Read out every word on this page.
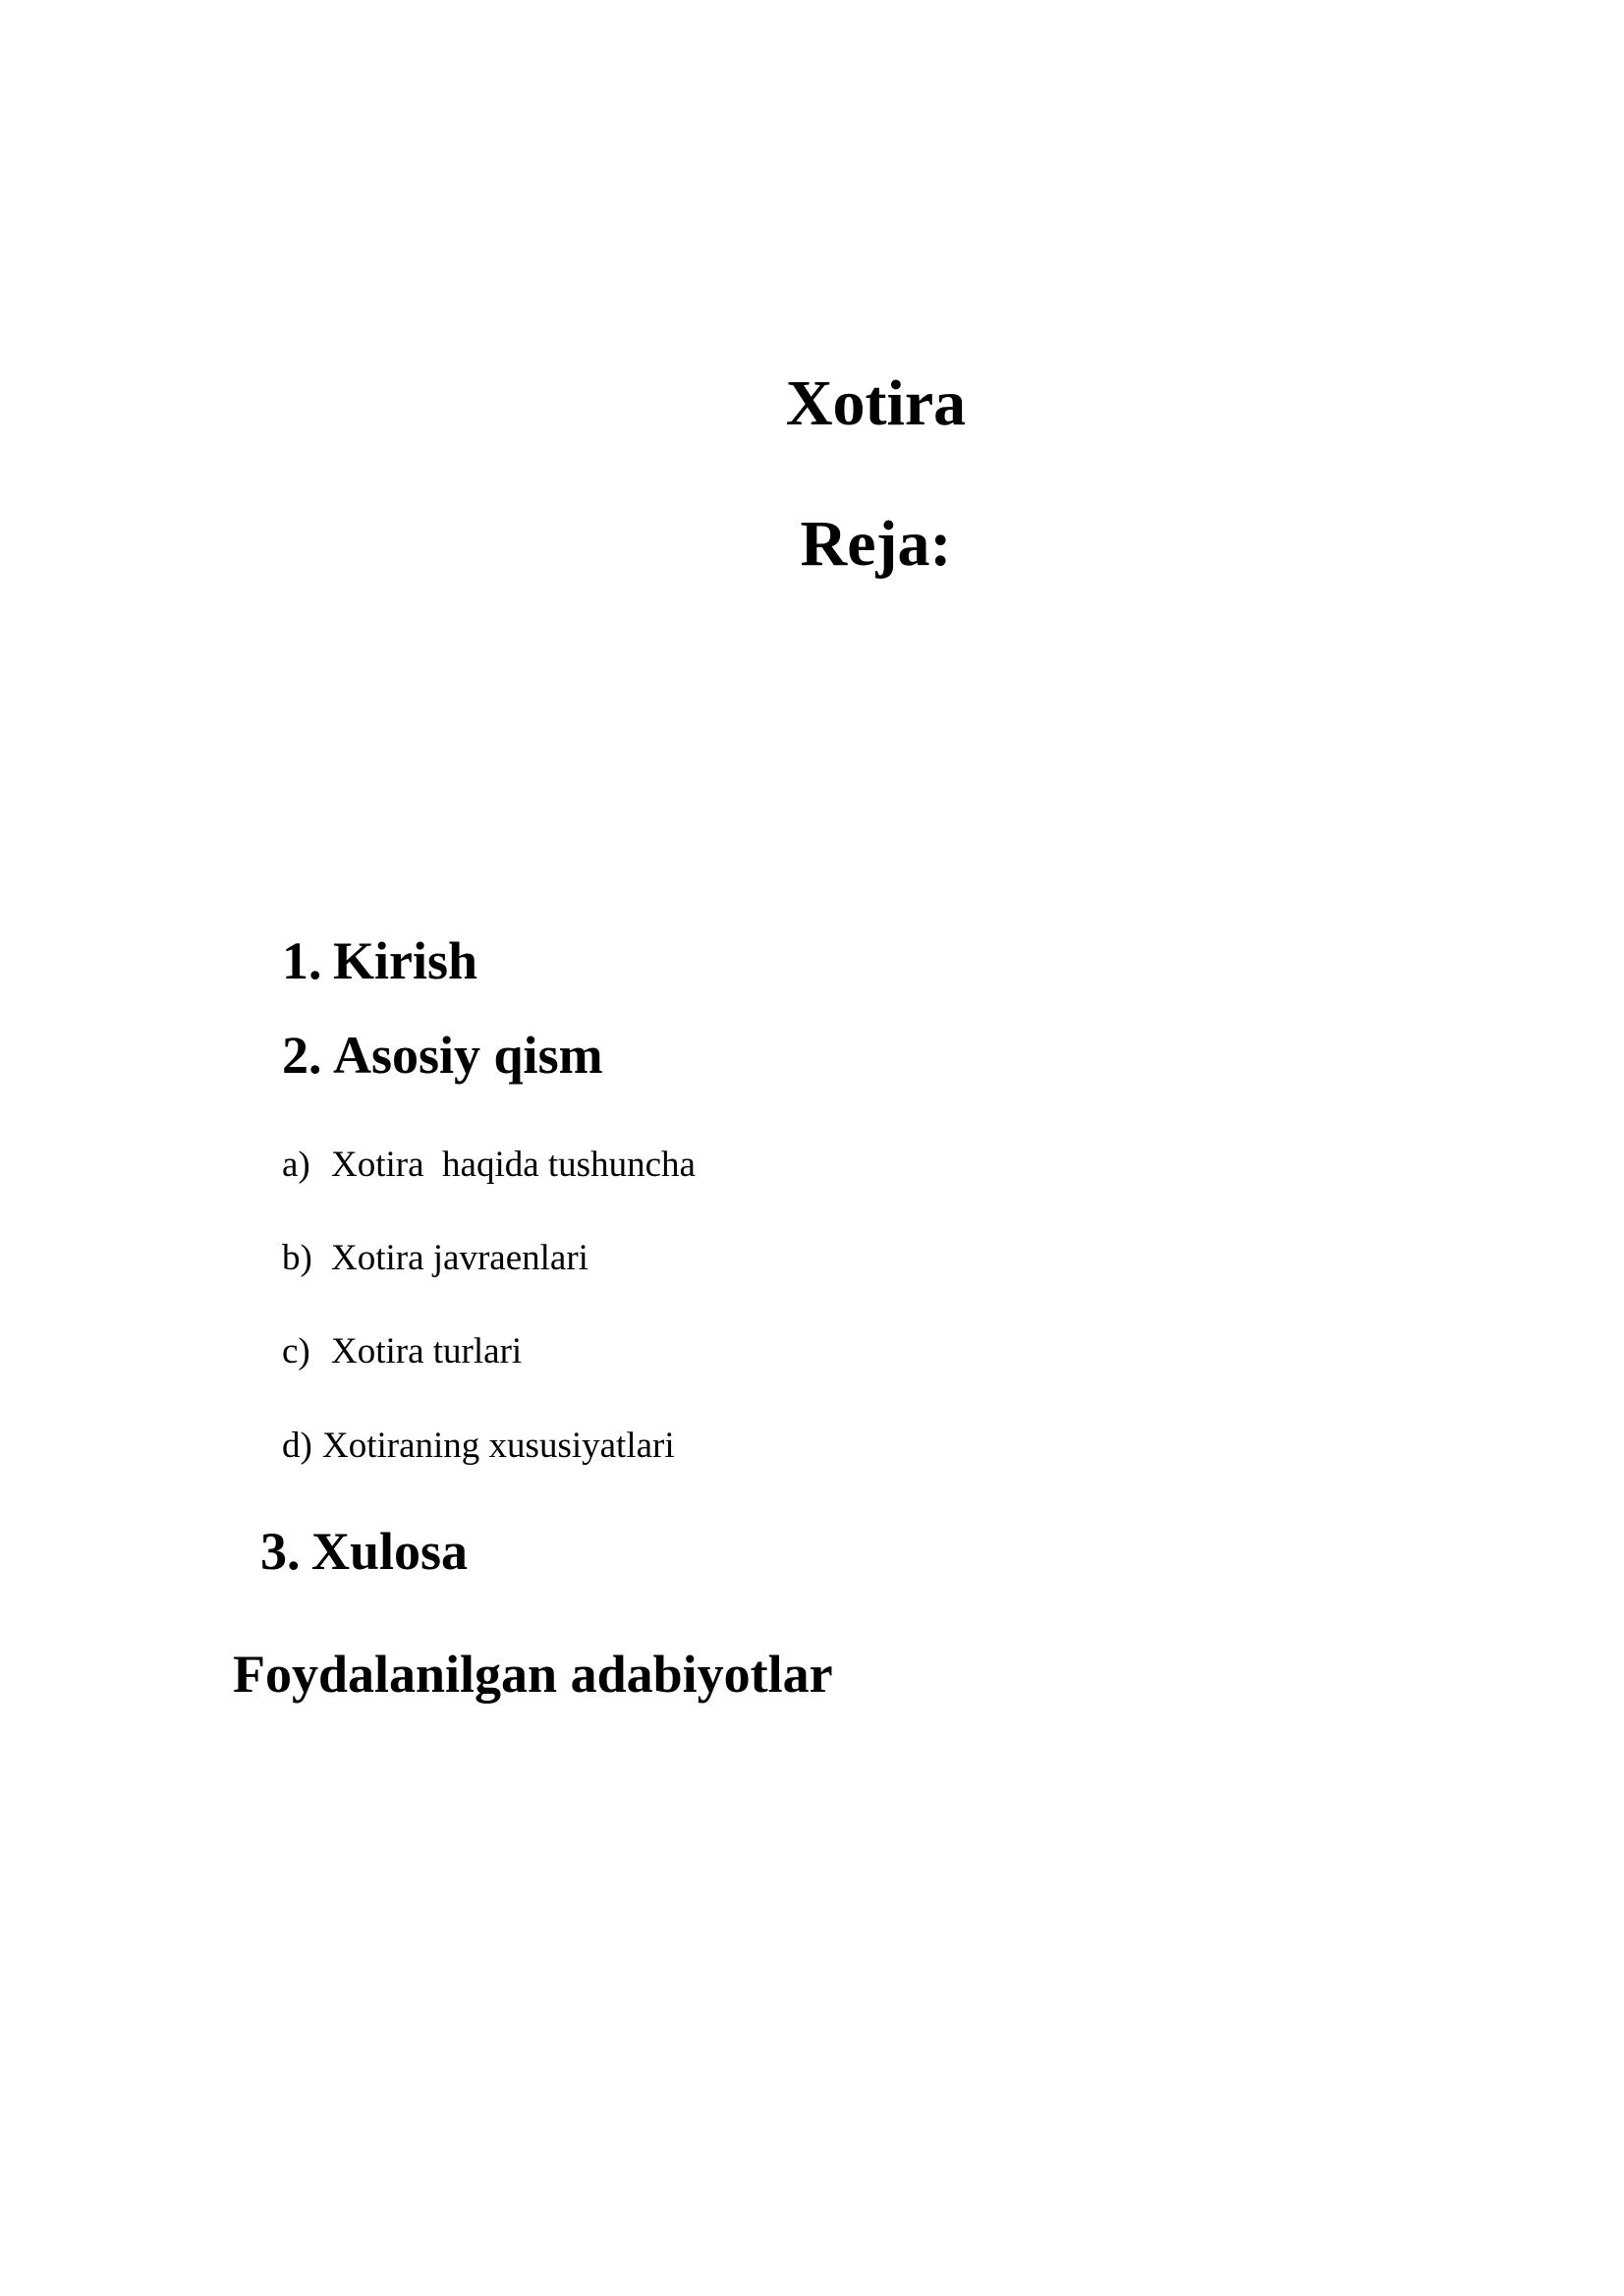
Xotira
Reja:
1. Kirish
2. Asosiy qism
a) Xotira  haqida tushuncha
b) Xotira javraenlari
c) Xotira turlari
d) Xotiraning xususiyatlari
3. Xulosa
Foydalanilgan adabiyotlar
